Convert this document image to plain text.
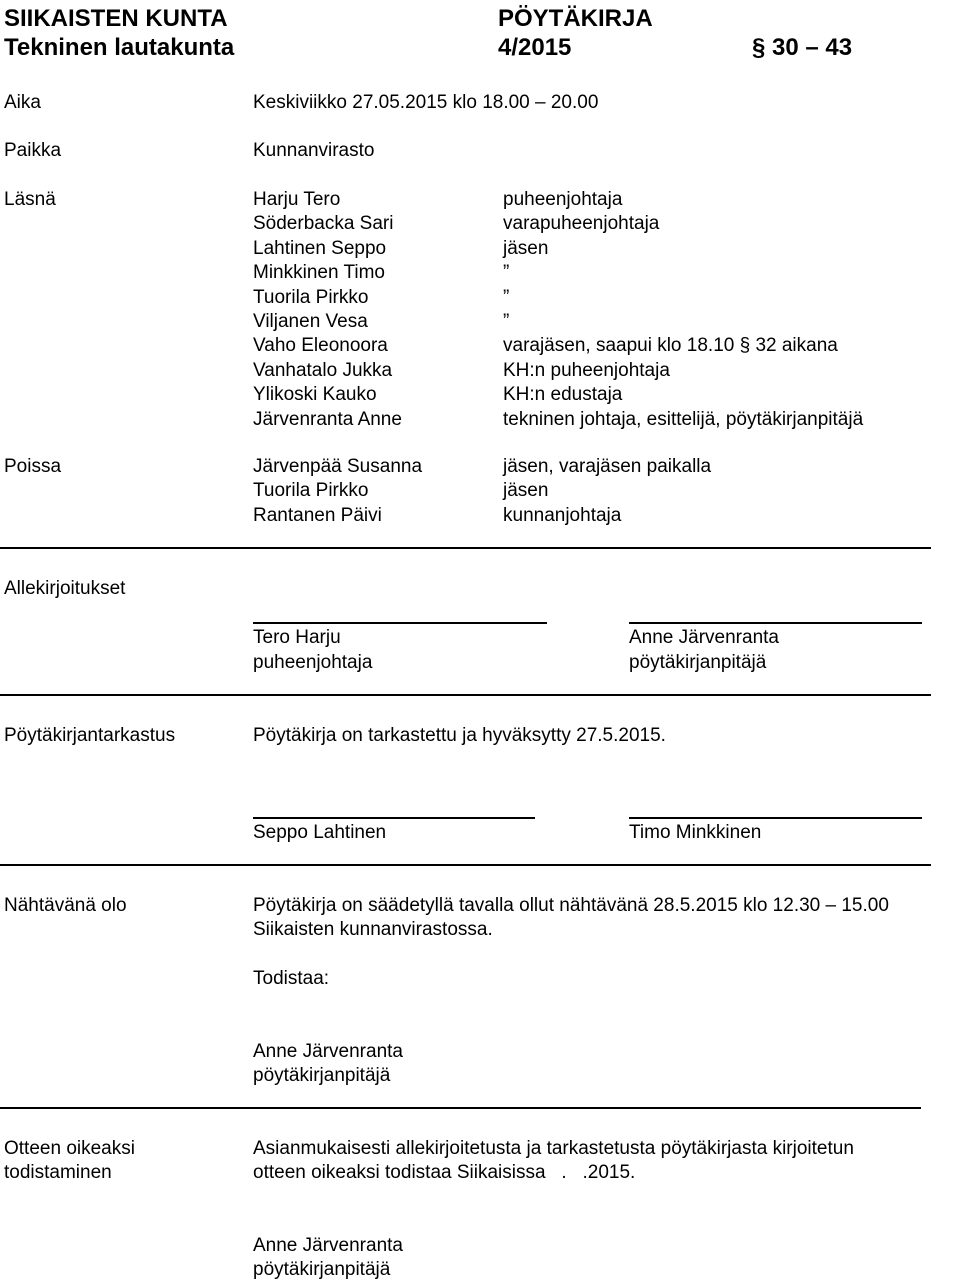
SIIKAISTEN KUNTA	PÖYTÄKIRJA
Tekninen lautakunta	4/2015	§ 30 – 43
Aika	Keskiviikko 27.05.2015 klo 18.00 – 20.00
Paikka	Kunnanvirasto
Läsnä	Harju Tero	puheenjohtaja
Söderbacka Sari	varapuheenjohtaja
Lahtinen Seppo	jäsen
Minkkinen Timo	”
Tuorila Pirkko	”
Viljanen Vesa	”
Vaho Eleonoora	varajäsen, saapui klo 18.10 § 32 aikana
Vanhatalo Jukka	KH:n puheenjohtaja
Ylikoski Kauko	KH:n edustaja
Järvenranta Anne	tekninen johtaja, esittelijä, pöytäkirjanpitäjä
Poissa	Järvenpää Susanna	jäsen, varajäsen paikalla
Tuorila Pirkko	jäsen
Rantanen Päivi	kunnanjohtaja
Allekirjoitukset
Tero Harju
puheenjohtaja
Anne Järvenranta
pöytäkirjanpitäjä
Pöytäkirjantarkastus	Pöytäkirja on tarkastettu ja hyväksytty 27.5.2015.
Seppo Lahtinen	Timo Minkkinen
Nähtävänä olo	Pöytäkirja on säädetyllä tavalla ollut nähtävänä 28.5.2015 klo 12.30 – 15.00
Siikaisten kunnanvirastossa.
Todistaa:
Anne Järvenranta
pöytäkirjanpitäjä
Otteen oikeaksi
todistaminen
Asianmukaisesti allekirjoitetusta ja tarkastetusta pöytäkirjasta kirjoitetun
otteen oikeaksi todistaa Siikaisissa   .   .2015.
Anne Järvenranta
pöytäkirjanpitäjä
